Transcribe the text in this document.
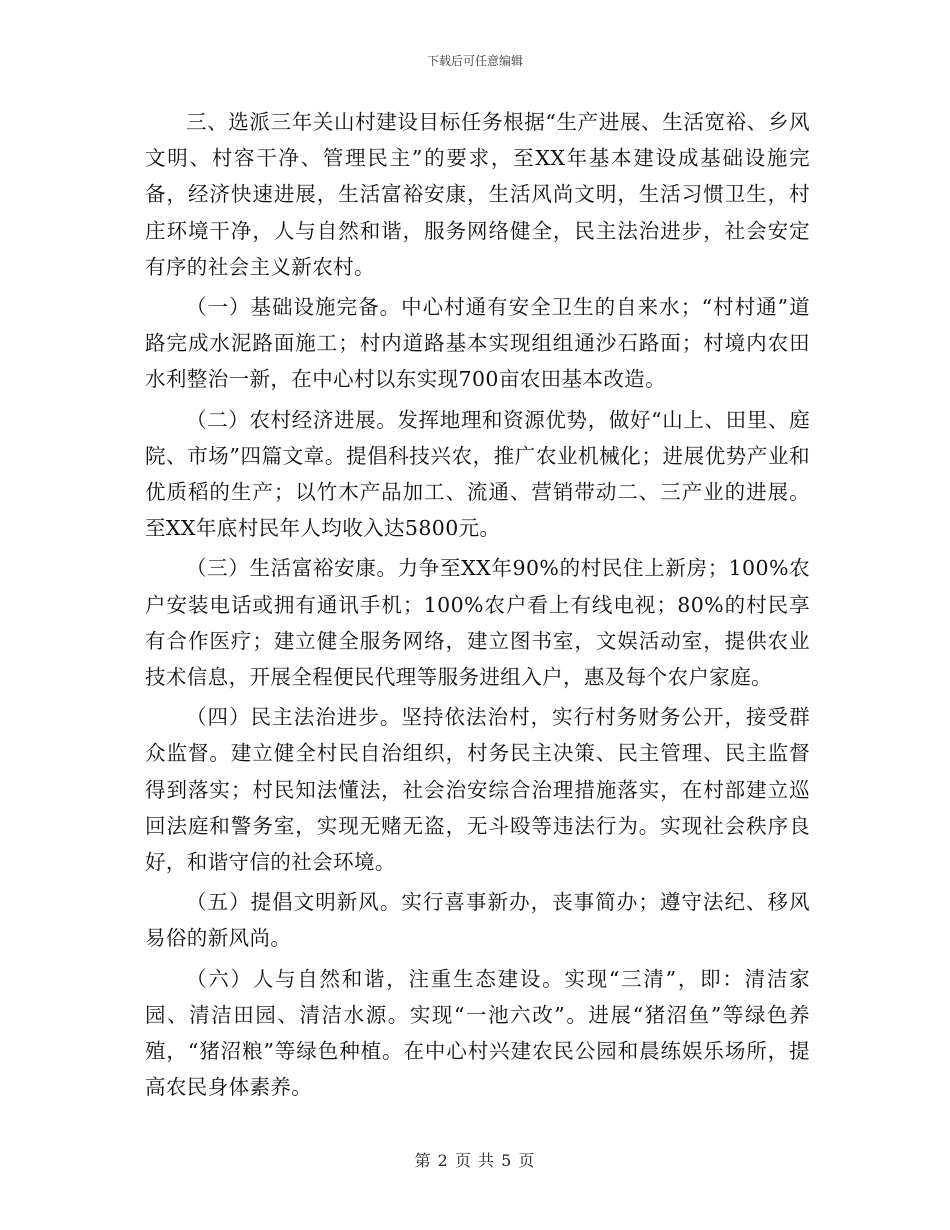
下载后可任意编辑

三、选派三年关山村建设目标任务根据“生产进展、生活宽裕、乡风文明、村容干净、管理民主”的要求，至XX年基本建设成基础设施完备，经济快速进展，生活富裕安康，生活风尚文明，生活习惯卫生，村庄环境干净，人与自然和谐，服务网络健全，民主法治进步，社会安定有序的社会主义新农村。

（一）基础设施完备。中心村通有安全卫生的自来水；“村村通”道路完成水泥路面施工；村内道路基本实现组组通沙石路面；村境内农田水利整治一新，在中心村以东实现700亩农田基本改造。

（二）农村经济进展。发挥地理和资源优势，做好“山上、田里、庭院、市场”四篇文章。提倡科技兴农，推广农业机械化；进展优势产业和优质稻的生产；以竹木产品加工、流通、营销带动二、三产业的进展。至XX年底村民年人均收入达5800元。

（三）生活富裕安康。力争至XX年90%的村民住上新房；100%农户安装电话或拥有通讯手机；100%农户看上有线电视；80%的村民享有合作医疗；建立健全服务网络，建立图书室，文娱活动室，提供农业技术信息，开展全程便民代理等服务进组入户，惠及每个农户家庭。

（四）民主法治进步。坚持依法治村，实行村务财务公开，接受群众监督。建立健全村民自治组织，村务民主决策、民主管理、民主监督得到落实；村民知法懂法，社会治安综合治理措施落实，在村部建立巡回法庭和警务室，实现无赌无盗，无斗殴等违法行为。实现社会秩序良好，和谐守信的社会环境。

（五）提倡文明新风。实行喜事新办，丧事简办；遵守法纪、移风易俗的新风尚。

（六）人与自然和谐，注重生态建设。实现“三清”，即：清洁家园、清洁田园、清洁水源。实现“一池六改”。进展“猪沼鱼”等绿色养殖，“猪沼粮”等绿色种植。在中心村兴建农民公园和晨练娱乐场所，提高农民身体素养。

第 2 页 共 5 页
